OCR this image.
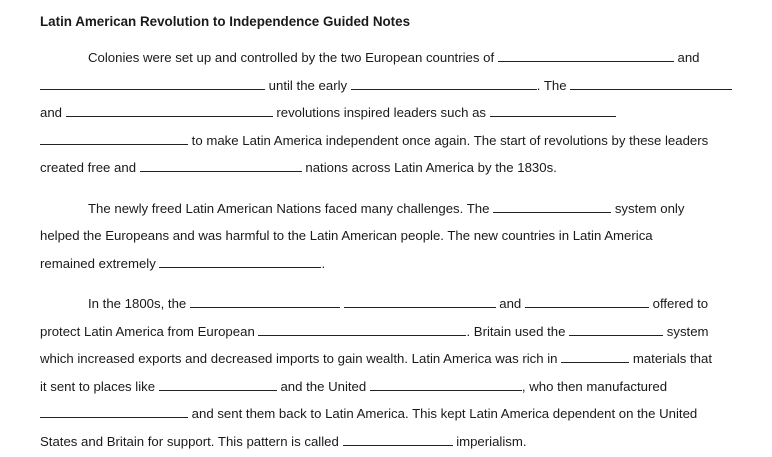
Latin American Revolution to Independence Guided Notes
Colonies were set up and controlled by the two European countries of	and
until the early	. The
and	revolutions inspired leaders such as
to make Latin America independent once again. The start of revolutions by these leaders
created free and	nations across Latin America by the 1830s.
The newly freed Latin American Nations faced many challenges. The	system only
helped the Europeans and was harmful to the Latin American people. The new countries in Latin America
remained extremely	.
In the 1800s, the	and	offered to
protect Latin America from European	. Britain used the	system
which increased exports and decreased imports to gain wealth. Latin America was rich in	materials that
it sent to places like	and the United	, who then manufactured
and sent them back to Latin America. This kept Latin America dependent on the United
States and Britain for support. This pattern is called	imperialism.
